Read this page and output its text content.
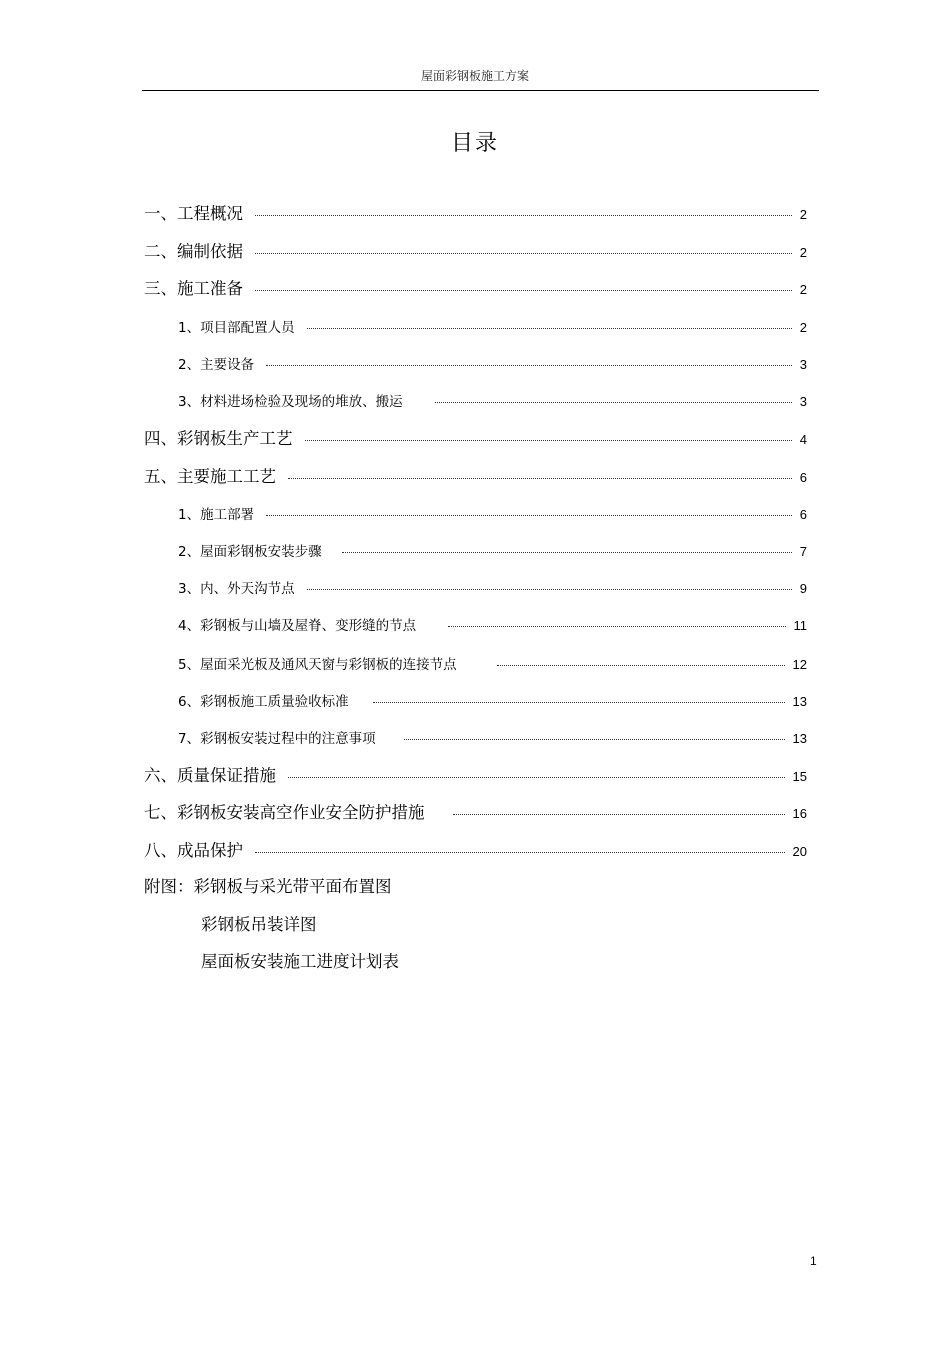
屋面彩钢板施工方案
目录
一、工程概况	2
二、编制依据	2
三、施工准备	2
1、项目部配置人员	2
2、主要设备	3
3、材料进场检验及现场的堆放、搬运	3
四、彩钢板生产工艺	4
五、主要施工工艺	6
1、施工部署	6
2、屋面彩钢板安装步骤	7
3、内、外天沟节点	9
4、彩钢板与山墙及屋脊、变形缝的节点	11
5、屋面采光板及通风天窗与彩钢板的连接节点	12
6、彩钢板施工质量验收标准	13
7、彩钢板安装过程中的注意事项	13
六、质量保证措施	15
七、彩钢板安装高空作业安全防护措施	16
八、成品保护	20
附图：彩钢板与采光带平面布置图
彩钢板吊装详图
屋面板安装施工进度计划表
1
